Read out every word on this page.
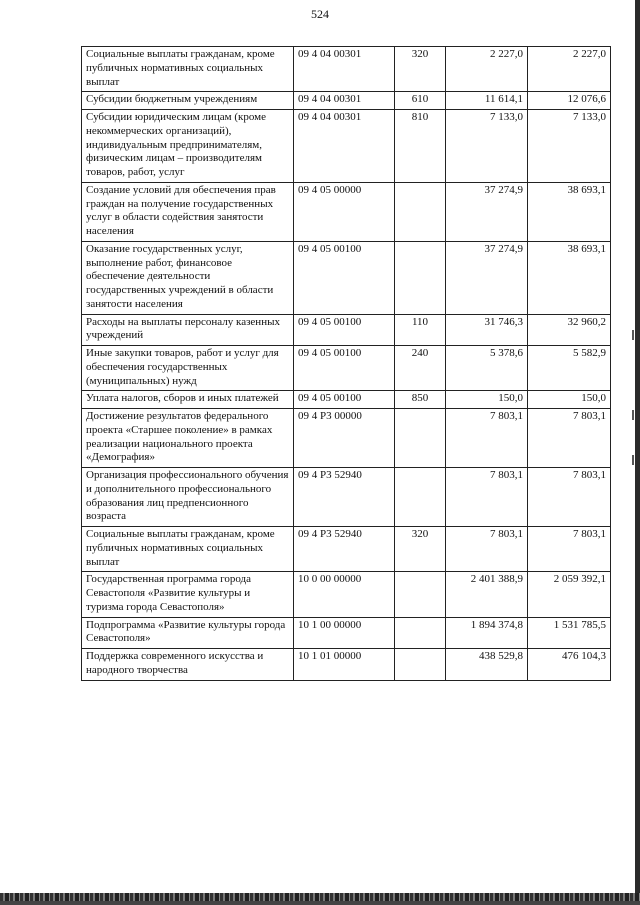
524
Социальные выплаты гражданам, кроме публичных нормативных социальных выплат	09 4 04 00301	320	2 227,0	2 227,0
Субсидии бюджетным учреждениям	09 4 04 00301	610	11 614,1	12 076,6
Субсидии юридическим лицам (кроме некоммерческих организаций), индивидуальным предпринимателям, физическим лицам – производителям товаров, работ, услуг	09 4 04 00301	810	7 133,0	7 133,0
Создание условий для обеспечения прав граждан на получение государственных услуг в области содействия занятости населения	09 4 05 00000		37 274,9	38 693,1
Оказание государственных услуг, выполнение работ, финансовое обеспечение деятельности государственных учреждений в области занятости населения	09 4 05 00100		37 274,9	38 693,1
Расходы на выплаты персоналу казенных учреждений	09 4 05 00100	110	31 746,3	32 960,2
Иные закупки товаров, работ и услуг для обеспечения государственных (муниципальных) нужд	09 4 05 00100	240	5 378,6	5 582,9
Уплата налогов, сборов и иных платежей	09 4 05 00100	850	150,0	150,0
Достижение результатов федерального проекта «Старшее поколение» в рамках реализации национального проекта «Демография»	09 4 P3 00000		7 803,1	7 803,1
Организация профессионального обучения и дополнительного профессионального образования лиц предпенсионного возраста	09 4 P3 52940		7 803,1	7 803,1
Социальные выплаты гражданам, кроме публичных нормативных социальных выплат	09 4 P3 52940	320	7 803,1	7 803,1
Государственная программа города Севастополя «Развитие культуры и туризма города Севастополя»	10 0 00 00000		2 401 388,9	2 059 392,1
Подпрограмма «Развитие культуры города Севастополя»	10 1 00 00000		1 894 374,8	1 531 785,5
Поддержка современного искусства и народного творчества	10 1 01 00000		438 529,8	476 104,3
